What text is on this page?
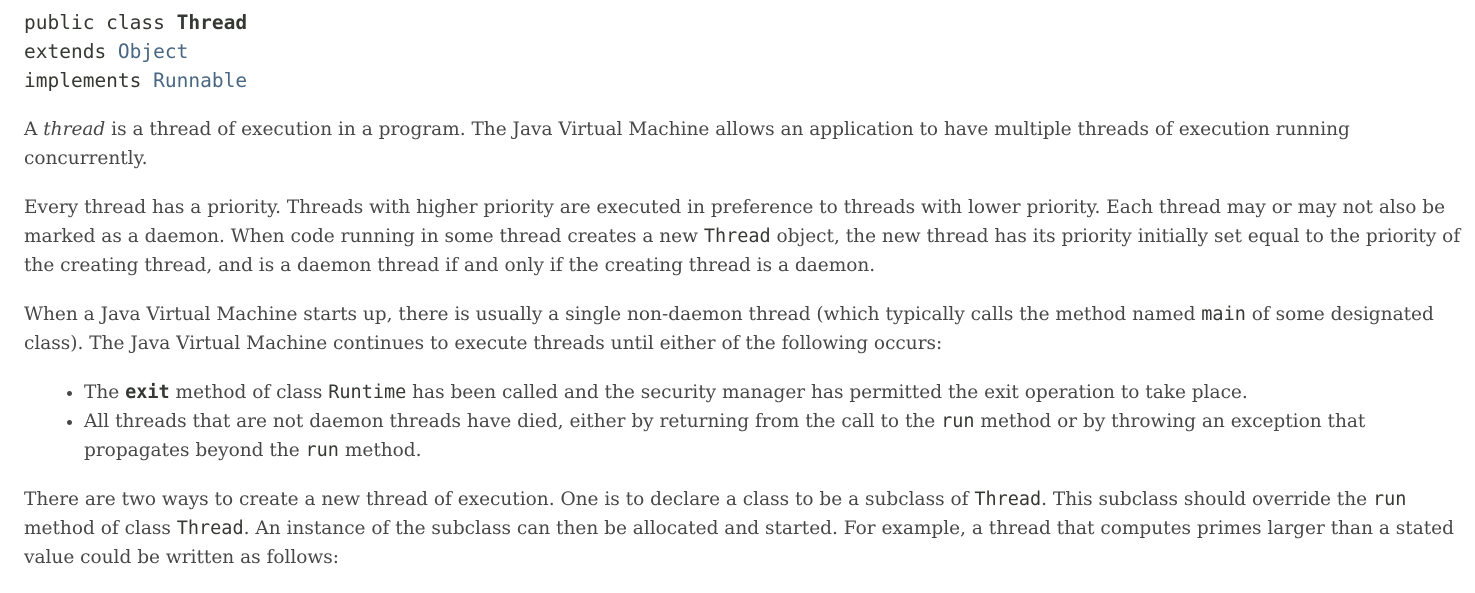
public class Thread
extends Object
implements Runnable

A thread is a thread of execution in a program. The Java Virtual Machine allows an application to have multiple threads of execution running concurrently.

Every thread has a priority. Threads with higher priority are executed in preference to threads with lower priority. Each thread may or may not also be marked as a daemon. When code running in some thread creates a new Thread object, the new thread has its priority initially set equal to the priority of the creating thread, and is a daemon thread if and only if the creating thread is a daemon.

When a Java Virtual Machine starts up, there is usually a single non-daemon thread (which typically calls the method named main of some designated class). The Java Virtual Machine continues to execute threads until either of the following occurs:

• The exit method of class Runtime has been called and the security manager has permitted the exit operation to take place.
• All threads that are not daemon threads have died, either by returning from the call to the run method or by throwing an exception that propagates beyond the run method.

There are two ways to create a new thread of execution. One is to declare a class to be a subclass of Thread. This subclass should override the run method of class Thread. An instance of the subclass can then be allocated and started. For example, a thread that computes primes larger than a stated value could be written as follows:
